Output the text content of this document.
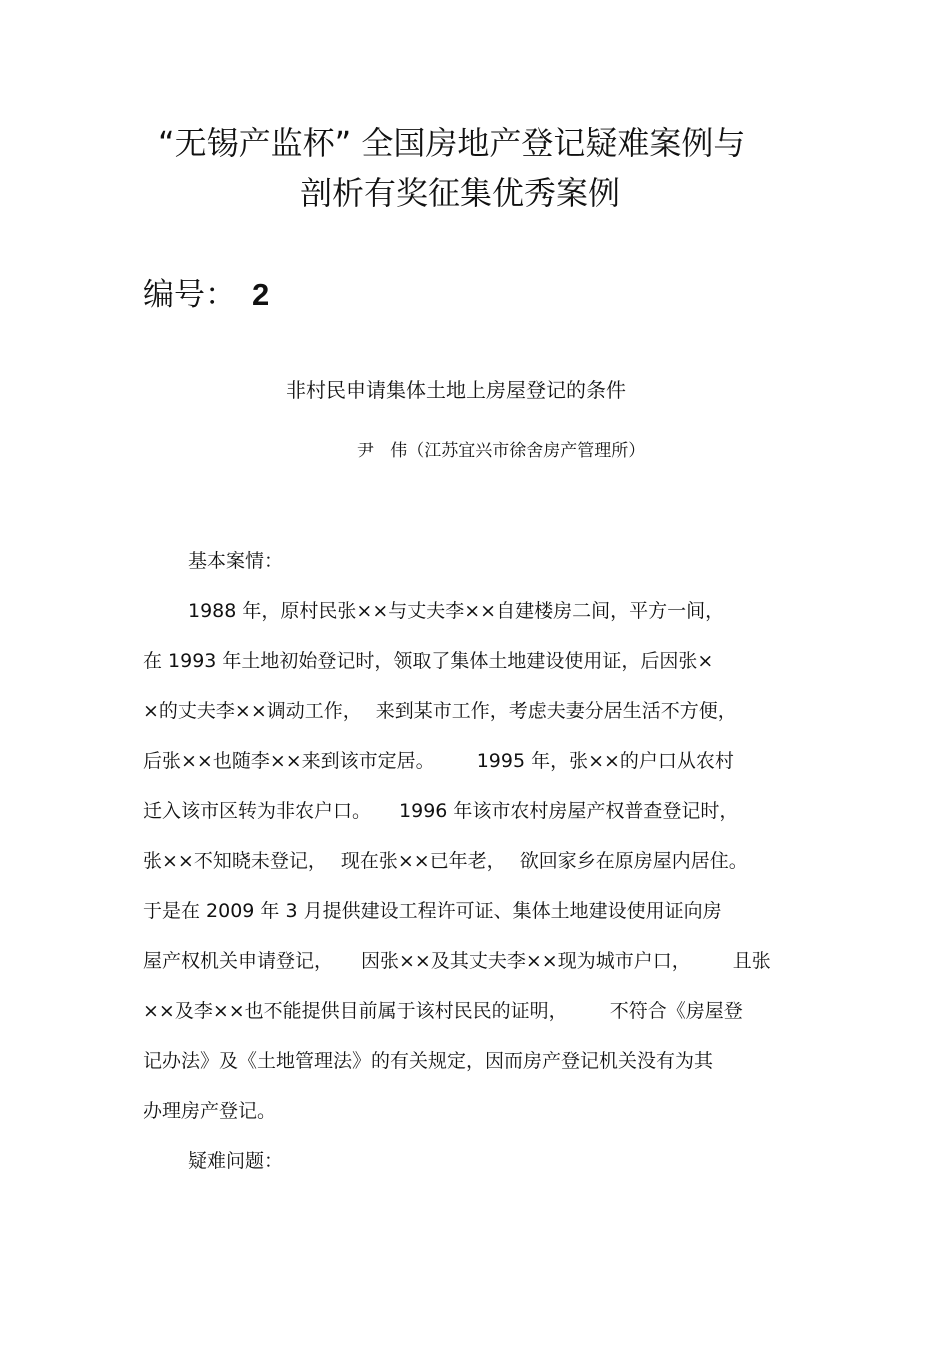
“无锡产监杯” 全国房地产登记疑难案例与
剖析有奖征集优秀案例
编号： 2
非村民申请集体土地上房屋登记的条件
尹   伟（江苏宜兴市徐舍房产管理所）
基本案情：
1988 年，原村民张××与丈夫李××自建楼房二间，平方一间，
在 1993 年土地初始登记时，领取了集体土地建设使用证，后因张×
×的丈夫李××调动工作， 来到某市工作，考虑夫妻分居生活不方便，
后张××也随李××来到该市定居。 1995 年，张××的户口从农村
迁入该市区转为非农户口。 1996 年该市农村房屋产权普查登记时，
张××不知晓未登记， 现在张××已年老， 欲回家乡在原房屋内居住。
于是在 2009 年 3 月提供建设工程许可证、集体土地建设使用证向房
屋产权机关申请登记， 因张××及其丈夫李××现为城市户口， 且张
××及李××也不能提供目前属于该村民民的证明， 不符合《房屋登
记办法》及《土地管理法》的有关规定，因而房产登记机关没有为其
办理房产登记。
疑难问题：
